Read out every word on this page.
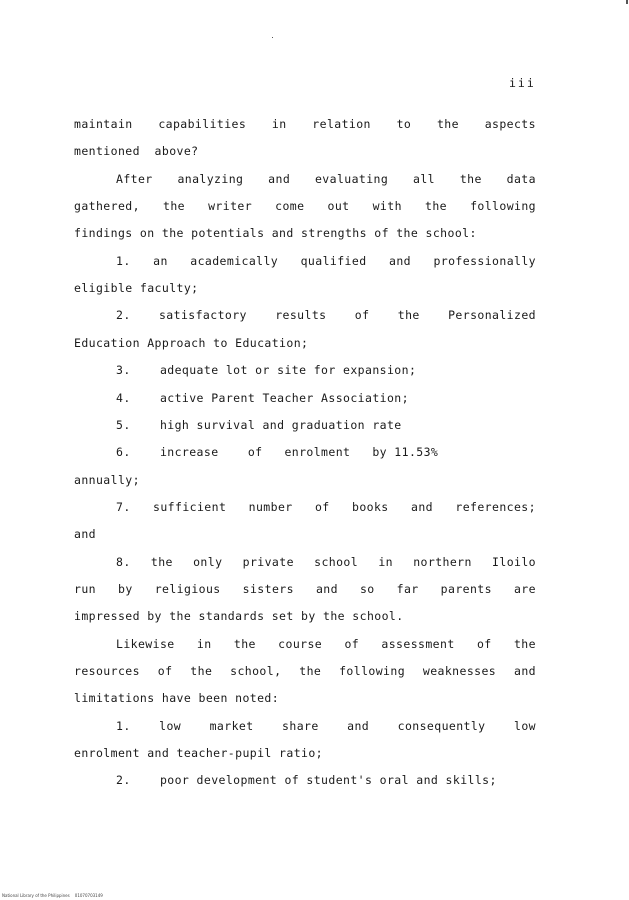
iii
maintain capabilities in relation to the aspects
mentioned  above?
After analyzing and evaluating all the data
gathered, the writer come out with the following
findings on the potentials and strengths of the school:
1. an academically qualified and professionally
eligible faculty;
2. satisfactory results of the Personalized
Education Approach to Education;
3.    adequate lot or site for expansion;
4.    active Parent Teacher Association;
5.    high survival and graduation rate
6.    increase    of   enrolment   by 11.53%
annually;
7. sufficient number of books and references;
and
8. the only private school in northern Iloilo
run by religious sisters and so far parents are
impressed by the standards set by the school.
Likewise in the course of assessment of the
resources of the school, the following weaknesses and
limitations have been noted:
1. low market share and consequently low
enrolment and teacher-pupil ratio;
2.    poor development of student's oral and skills;
National Library of the Philippines    01070703149
